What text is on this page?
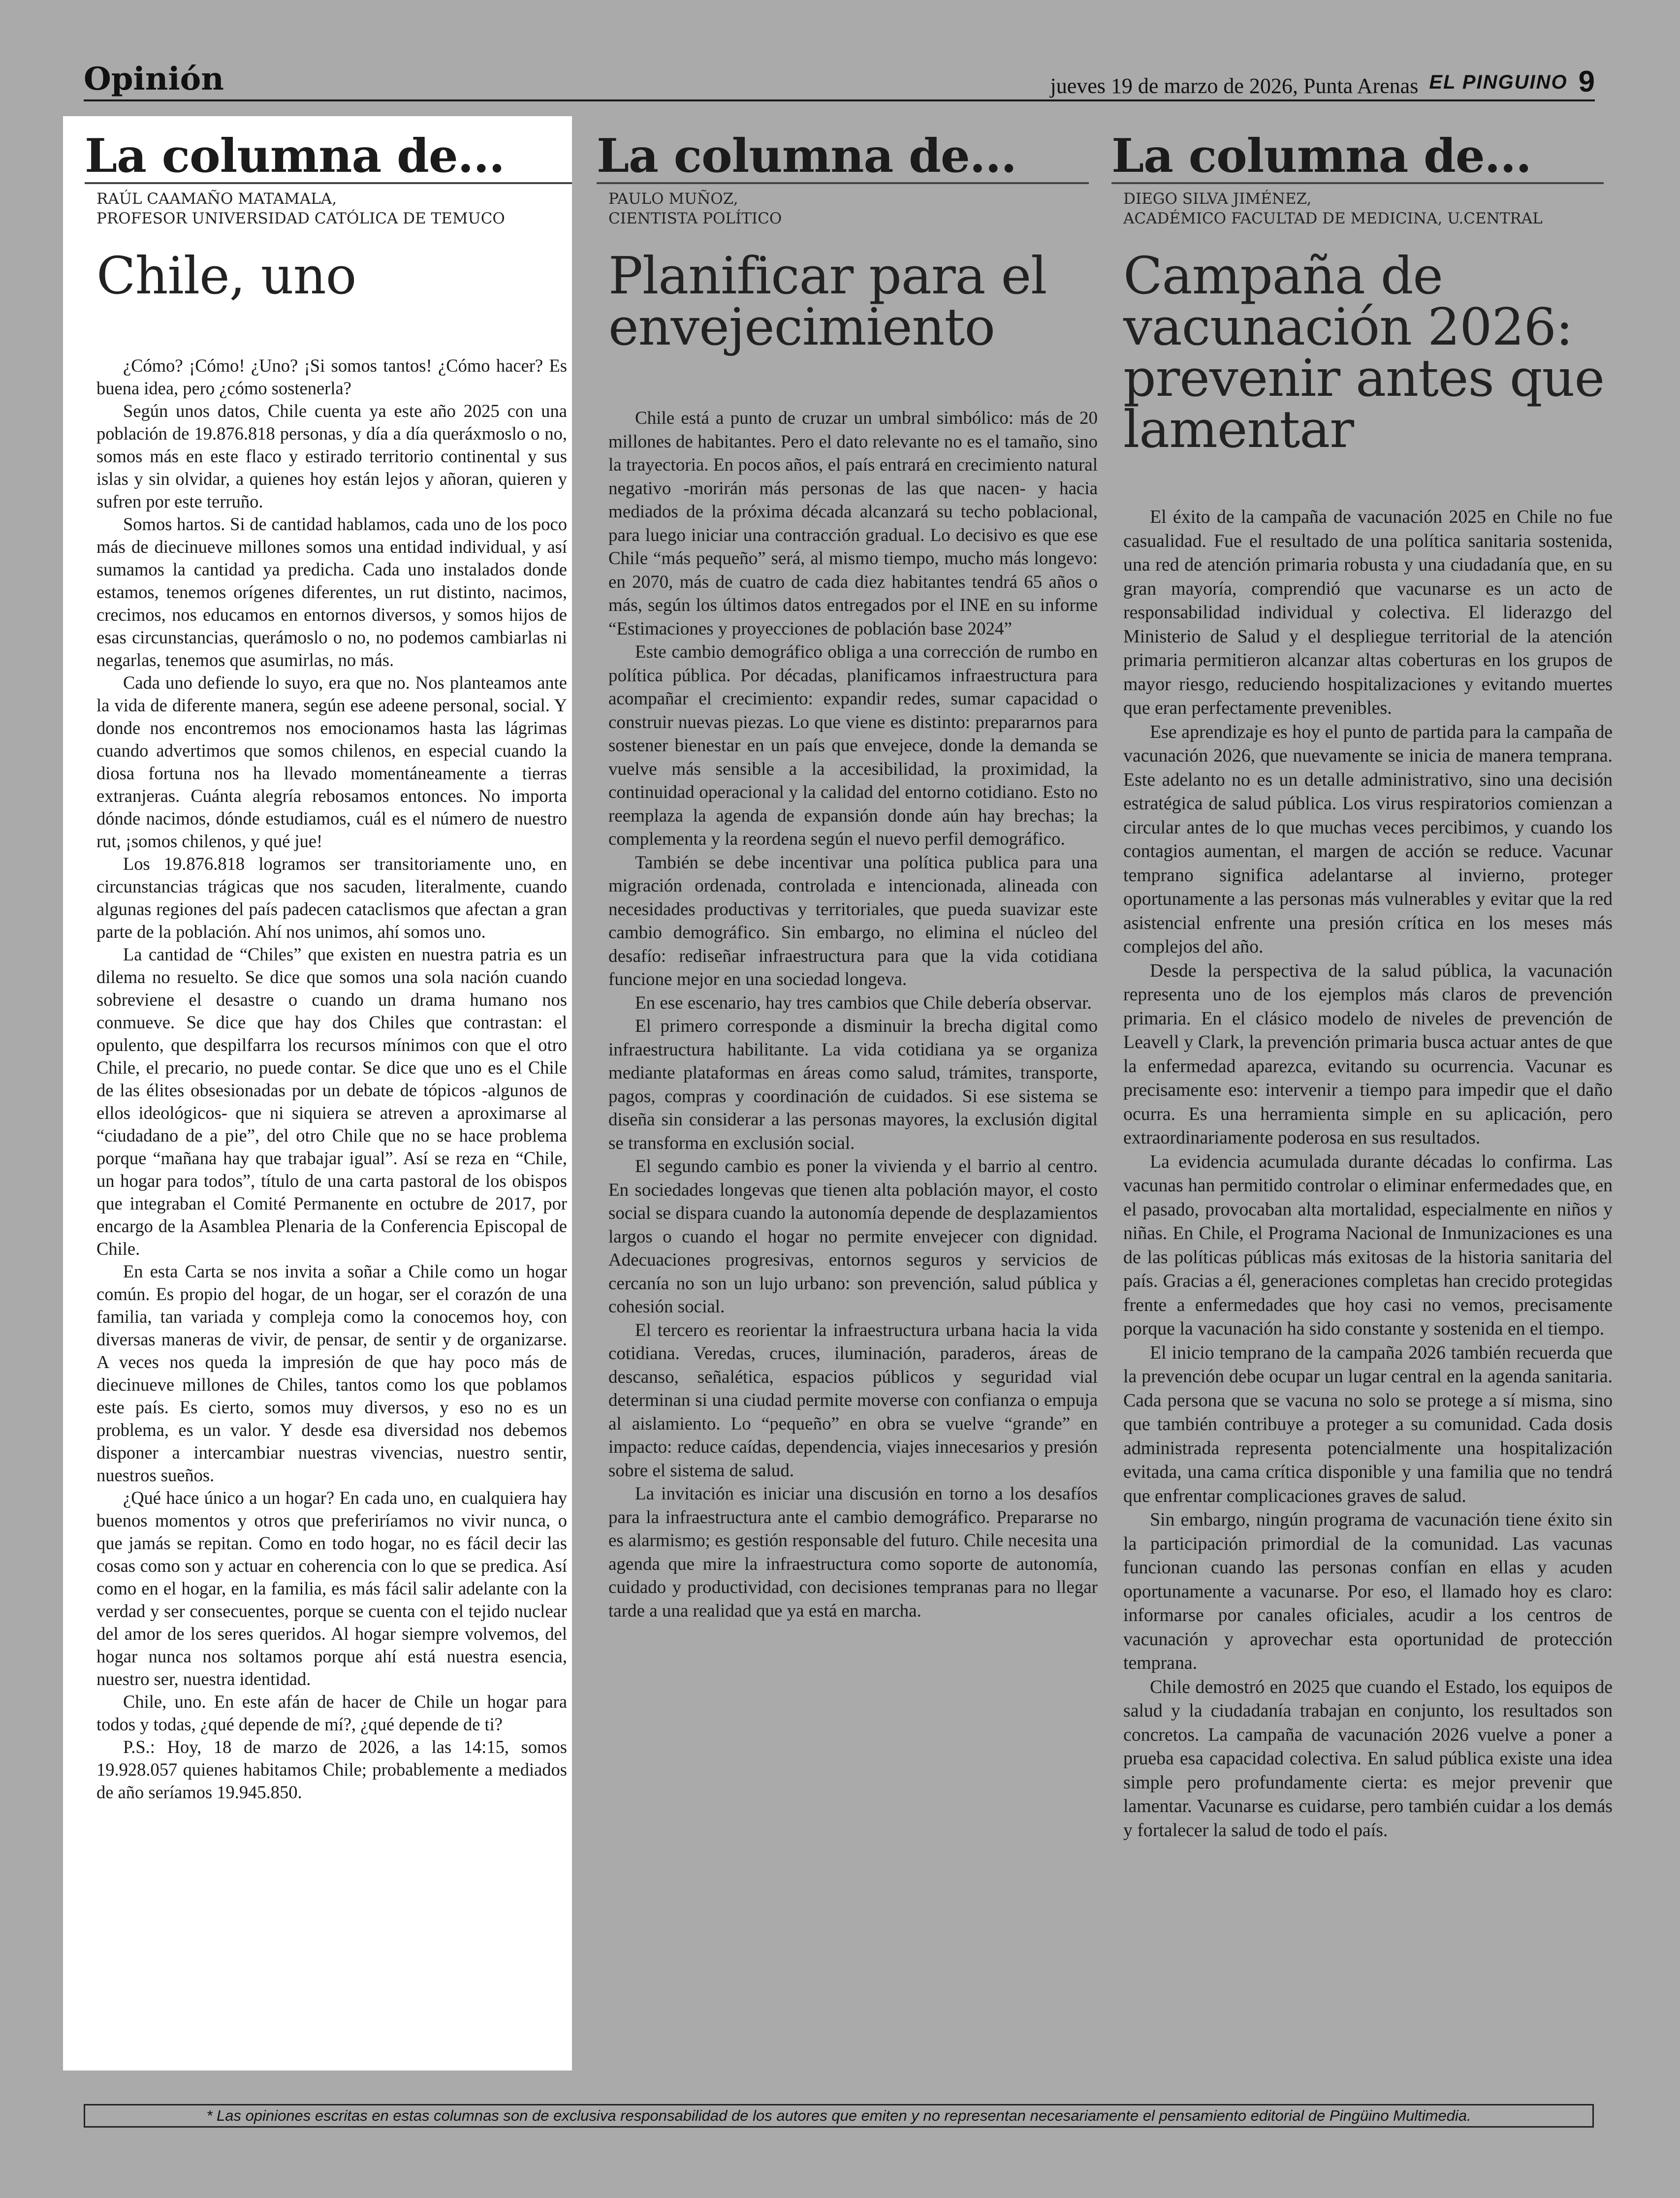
Opinión	jueves 19 de marzo de 2026, Punta Arenas EL PINGUINO 9
La columna de...
RAÚL CAAMAÑO MATAMALA,
PROFESOR UNIVERSIDAD CATÓLICA DE TEMUCO
Chile, uno

¿Cómo? ¡Cómo! ¿Uno? ¡Si somos tantos! ¿Cómo hacer? Es buena idea, pero ¿cómo sostenerla?

Según unos datos, Chile cuenta ya este año 2025 con una población de 19.876.818 personas, y día a día queráxmoslo o no, somos más en este flaco y estirado territorio continental y sus islas y sin olvidar, a quienes hoy están lejos y añoran, quieren y sufren por este terruño.

Somos hartos. Si de cantidad hablamos, cada uno de los poco más de diecinueve millones somos una entidad individual, y así sumamos la cantidad ya predicha. Cada uno instalados donde estamos, tenemos orígenes diferentes, un rut distinto, nacimos, crecimos, nos educamos en entornos diversos, y somos hijos de esas circunstancias, querámoslo o no, no podemos cambiarlas ni negarlas, tenemos que asumirlas, no más.

Cada uno defiende lo suyo, era que no. Nos planteamos ante la vida de diferente manera, según ese adeene personal, social. Y donde nos encontremos nos emocionamos hasta las lágrimas cuando advertimos que somos chilenos, en especial cuando la diosa fortuna nos ha llevado momentáneamente a tierras extranjeras. Cuánta alegría rebosamos entonces. No importa dónde nacimos, dónde estudiamos, cuál es el número de nuestro rut, ¡somos chilenos, y qué jue!

Los 19.876.818 logramos ser transitoriamente uno, en circunstancias trágicas que nos sacuden, literalmente, cuando algunas regiones del país padecen cataclismos que afectan a gran parte de la población. Ahí nos unimos, ahí somos uno.

La cantidad de “Chiles” que existen en nuestra patria es un dilema no resuelto. Se dice que somos una sola nación cuando sobreviene el desastre o cuando un drama humano nos conmueve. Se dice que hay dos Chiles que contrastan: el opulento, que despilfarra los recursos mínimos con que el otro Chile, el precario, no puede contar. Se dice que uno es el Chile de las élites obsesionadas por un debate de tópicos -algunos de ellos ideológicos- que ni siquiera se atreven a aproximarse al “ciudadano de a pie”, del otro Chile que no se hace problema porque “mañana hay que trabajar igual”. Así se reza en “Chile, un hogar para todos”, título de una carta pastoral de los obispos que integraban el Comité Permanente en octubre de 2017, por encargo de la Asamblea Plenaria de la Conferencia Episcopal de Chile.

En esta Carta se nos invita a soñar a Chile como un hogar común. Es propio del hogar, de un hogar, ser el corazón de una familia, tan variada y compleja como la conocemos hoy, con diversas maneras de vivir, de pensar, de sentir y de organizarse. A veces nos queda la impresión de que hay poco más de diecinueve millones de Chiles, tantos como los que poblamos este país. Es cierto, somos muy diversos, y eso no es un problema, es un valor. Y desde esa diversidad nos debemos disponer a intercambiar nuestras vivencias, nuestro sentir, nuestros sueños.

¿Qué hace único a un hogar? En cada uno, en cualquiera hay buenos momentos y otros que preferiríamos no vivir nunca, o que jamás se repitan. Como en todo hogar, no es fácil decir las cosas como son y actuar en coherencia con lo que se predica. Así como en el hogar, en la familia, es más fácil salir adelante con la verdad y ser consecuentes, porque se cuenta con el tejido nuclear del amor de los seres queridos. Al hogar siempre volvemos, del hogar nunca nos soltamos porque ahí está nuestra esencia, nuestro ser, nuestra identidad.

Chile, uno. En este afán de hacer de Chile un hogar para todos y todas, ¿qué depende de mí?, ¿qué depende de ti?

P.S.: Hoy, 18 de marzo de 2026, a las 14:15, somos 19.928.057 quienes habitamos Chile; probablemente a mediados de año seríamos 19.945.850.

La columna de...
PAULO MUÑOZ,
CIENTISTA POLÍTICO
Planificar para el envejecimiento

Chile está a punto de cruzar un umbral simbólico: más de 20 millones de habitantes. Pero el dato relevante no es el tamaño, sino la trayectoria. En pocos años, el país entrará en crecimiento natural negativo -morirán más personas de las que nacen- y hacia mediados de la próxima década alcanzará su techo poblacional, para luego iniciar una contracción gradual. Lo decisivo es que ese Chile “más pequeño” será, al mismo tiempo, mucho más longevo: en 2070, más de cuatro de cada diez habitantes tendrá 65 años o más, según los últimos datos entregados por el INE en su informe “Estimaciones y proyecciones de población base 2024”

Este cambio demográfico obliga a una corrección de rumbo en política pública. Por décadas, planificamos infraestructura para acompañar el crecimiento: expandir redes, sumar capacidad o construir nuevas piezas. Lo que viene es distinto: prepararnos para sostener bienestar en un país que envejece, donde la demanda se vuelve más sensible a la accesibilidad, la proximidad, la continuidad operacional y la calidad del entorno cotidiano. Esto no reemplaza la agenda de expansión donde aún hay brechas; la complementa y la reordena según el nuevo perfil demográfico.

También se debe incentivar una política publica para una migración ordenada, controlada e intencionada, alineada con necesidades productivas y territoriales, que pueda suavizar este cambio demográfico. Sin embargo, no elimina el núcleo del desafío: rediseñar infraestructura para que la vida cotidiana funcione mejor en una sociedad longeva.

En ese escenario, hay tres cambios que Chile debería observar.

El primero corresponde a disminuir la brecha digital como infraestructura habilitante. La vida cotidiana ya se organiza mediante plataformas en áreas como salud, trámites, transporte, pagos, compras y coordinación de cuidados. Si ese sistema se diseña sin considerar a las personas mayores, la exclusión digital se transforma en exclusión social.

El segundo cambio es poner la vivienda y el barrio al centro. En sociedades longevas que tienen alta población mayor, el costo social se dispara cuando la autonomía depende de desplazamientos largos o cuando el hogar no permite envejecer con dignidad. Adecuaciones progresivas, entornos seguros y servicios de cercanía no son un lujo urbano: son prevención, salud pública y cohesión social.

El tercero es reorientar la infraestructura urbana hacia la vida cotidiana. Veredas, cruces, iluminación, paraderos, áreas de descanso, señalética, espacios públicos y seguridad vial determinan si una ciudad permite moverse con confianza o empuja al aislamiento. Lo “pequeño” en obra se vuelve “grande” en impacto: reduce caídas, dependencia, viajes innecesarios y presión sobre el sistema de salud.

La invitación es iniciar una discusión en torno a los desafíos para la infraestructura ante el cambio demográfico. Prepararse no es alarmismo; es gestión responsable del futuro. Chile necesita una agenda que mire la infraestructura como soporte de autonomía, cuidado y productividad, con decisiones tempranas para no llegar tarde a una realidad que ya está en marcha.

La columna de...
DIEGO SILVA JIMÉNEZ,
ACADÉMICO FACULTAD DE MEDICINA, U.CENTRAL
Campaña de vacunación 2026: prevenir antes que lamentar

El éxito de la campaña de vacunación 2025 en Chile no fue casualidad. Fue el resultado de una política sanitaria sostenida, una red de atención primaria robusta y una ciudadanía que, en su gran mayoría, comprendió que vacunarse es un acto de responsabilidad individual y colectiva. El liderazgo del Ministerio de Salud y el despliegue territorial de la atención primaria permitieron alcanzar altas coberturas en los grupos de mayor riesgo, reduciendo hospitalizaciones y evitando muertes que eran perfectamente prevenibles.

Ese aprendizaje es hoy el punto de partida para la campaña de vacunación 2026, que nuevamente se inicia de manera temprana. Este adelanto no es un detalle administrativo, sino una decisión estratégica de salud pública. Los virus respiratorios comienzan a circular antes de lo que muchas veces percibimos, y cuando los contagios aumentan, el margen de acción se reduce. Vacunar temprano significa adelantarse al invierno, proteger oportunamente a las personas más vulnerables y evitar que la red asistencial enfrente una presión crítica en los meses más complejos del año.

Desde la perspectiva de la salud pública, la vacunación representa uno de los ejemplos más claros de prevención primaria. En el clásico modelo de niveles de prevención de Leavell y Clark, la prevención primaria busca actuar antes de que la enfermedad aparezca, evitando su ocurrencia. Vacunar es precisamente eso: intervenir a tiempo para impedir que el daño ocurra. Es una herramienta simple en su aplicación, pero extraordinariamente poderosa en sus resultados.

La evidencia acumulada durante décadas lo confirma. Las vacunas han permitido controlar o eliminar enfermedades que, en el pasado, provocaban alta mortalidad, especialmente en niños y niñas. En Chile, el Programa Nacional de Inmunizaciones es una de las políticas públicas más exitosas de la historia sanitaria del país. Gracias a él, generaciones completas han crecido protegidas frente a enfermedades que hoy casi no vemos, precisamente porque la vacunación ha sido constante y sostenida en el tiempo.

El inicio temprano de la campaña 2026 también recuerda que la prevención debe ocupar un lugar central en la agenda sanitaria. Cada persona que se vacuna no solo se protege a sí misma, sino que también contribuye a proteger a su comunidad. Cada dosis administrada representa potencialmente una hospitalización evitada, una cama crítica disponible y una familia que no tendrá que enfrentar complicaciones graves de salud.

Sin embargo, ningún programa de vacunación tiene éxito sin la participación primordial de la comunidad. Las vacunas funcionan cuando las personas confían en ellas y acuden oportunamente a vacunarse. Por eso, el llamado hoy es claro: informarse por canales oficiales, acudir a los centros de vacunación y aprovechar esta oportunidad de protección temprana.

Chile demostró en 2025 que cuando el Estado, los equipos de salud y la ciudadanía trabajan en conjunto, los resultados son concretos. La campaña de vacunación 2026 vuelve a poner a prueba esa capacidad colectiva. En salud pública existe una idea simple pero profundamente cierta: es mejor prevenir que lamentar. Vacunarse es cuidarse, pero también cuidar a los demás y fortalecer la salud de todo el país.

* Las opiniones escritas en estas columnas son de exclusiva responsabilidad de los autores que emiten y no representan necesariamente el pensamiento editorial de Pingüino Multimedia.
